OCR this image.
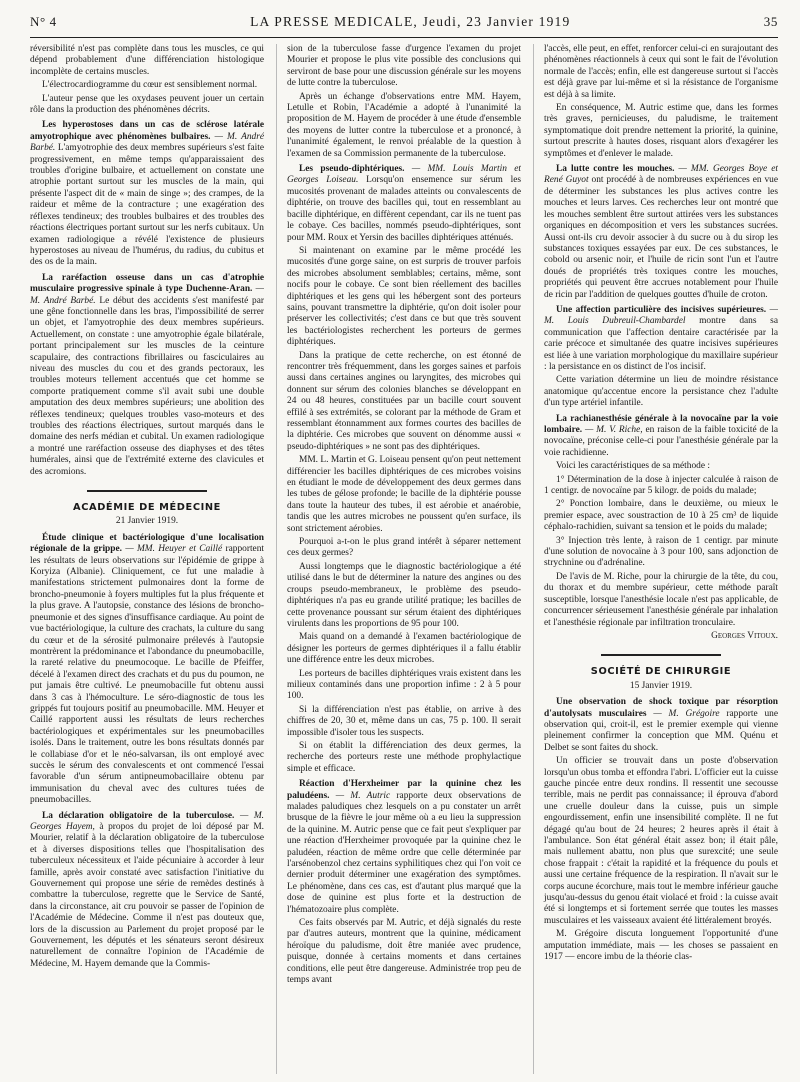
N° 4	LA PRESSE MEDICALE, Jeudi, 23 Janvier 1919	35

réversibilité n'est pas complète dans tous les muscles, ce qui dépend probablement d'une différenciation histologique incomplète de certains muscles.

L'électrocardiogramme du cœur est sensiblement normal.

L'auteur pense que les oxydases peuvent jouer un certain rôle dans la production des phénomènes décrits.

Les hyperostoses dans un cas de sclérose latérale amyotrophique avec phénomènes bulbaires. — M. André Barbé. L'amyotrophie des deux membres supérieurs s'est faite progressivement, en même temps qu'apparaissaient des troubles d'origine bulbaire, et actuellement on constate une atrophie portant surtout sur les muscles de la main, qui présente l'aspect dit de « main de singe »; des crampes, de la raideur et même de la contracture ; une exagération des réflexes tendineux; des troubles bulbaires et des troubles des réactions électriques portant surtout sur les nerfs cubitaux. Un examen radiologique a révélé l'existence de plusieurs hyperostoses au niveau de l'humérus, du radius, du cubitus et des os de la main.

La raréfaction osseuse dans un cas d'atrophie musculaire progressive spinale à type Duchenne-Aran. — M. André Barbé. Le début des accidents s'est manifesté par une gêne fonctionnelle dans les bras, l'impossibilité de serrer un objet, et l'amyotrophie des deux membres supérieurs. Actuellement, on constate : une amyotrophie égale bilatérale, portant principalement sur les muscles de la ceinture scapulaire, des contractions fibrillaires ou fasciculaires au niveau des muscles du cou et des grands pectoraux, les troubles moteurs tellement accentués que cet homme se comporte pratiquement comme s'il avait subi une double amputation des deux membres supérieurs; une abolition des réflexes tendineux; quelques troubles vaso-moteurs et des troubles des réactions électriques, surtout marqués dans le domaine des nerfs médian et cubital. Un examen radiologique a montré une raréfaction osseuse des diaphyses et des têtes humérales, ainsi que de l'extrémité externe des clavicules et des acromions.

ACADÉMIE DE MÉDECINE
21 Janvier 1919.

Étude clinique et bactériologique d'une localisation régionale de la grippe. — MM. Heuyer et Caillé rapportent les résultats de leurs observations sur l'épidémie de grippe à Koryiza (Albanie). Cliniquement, ce fut une maladie à manifestations strictement pulmonaires dont la forme de broncho-pneumonie à foyers multiples fut la plus fréquente et la plus grave. A l'autopsie, constance des lésions de broncho-pneumonie et des signes d'insuffisance cardiaque. Au point de vue bactériologique, la culture des crachats, la culture du sang du cœur et de la sérosité pulmonaire prélevés à l'autopsie montrèrent la prédominance et l'abondance du pneumobacille, la rareté relative du pneumocoque. Le bacille de Pfeiffer, décelé à l'examen direct des crachats et du pus du poumon, ne put jamais être cultivé. Le pneumobacille fut obtenu aussi dans 3 cas à l'hémoculture. Le séro-diagnostic de tous les grippés fut toujours positif au pneumobacille. MM. Heuyer et Caillé rapportent aussi les résultats de leurs recherches bactériologiques et expérimentales sur les pneumobacilles isolés. Dans le traitement, outre les bons résultats donnés par le collabiase d'or et le néo-salvarsan, ils ont employé avec succès le sérum des convalescents et ont commencé l'essai favorable d'un sérum antipneumobacillaire obtenu par immunisation du cheval avec des cultures tuées de pneumobacilles.

La déclaration obligatoire de la tuberculose. — M. Georges Hayem, à propos du projet de loi déposé par M. Mourier, relatif à la déclaration obligatoire de la tuberculose et à diverses dispositions telles que l'hospitalisation des tuberculeux nécessiteux et l'aide pécuniaire à accorder à leur famille, après avoir constaté avec satisfaction l'initiative du Gouvernement qui propose une série de remèdes destinés à combattre la tuberculose, regrette que le Service de Santé, dans la circonstance, ait cru pouvoir se passer de l'opinion de l'Académie de Médecine. Comme il n'est pas douteux que, lors de la discussion au Parlement du projet proposé par le Gouvernement, les députés et les sénateurs seront désireux naturellement de connaître l'opinion de l'Académie de Médecine, M. Hayem demande que la Commis-

sion de la tuberculose fasse d'urgence l'examen du projet Mourier et propose le plus vite possible des conclusions qui serviront de base pour une discussion générale sur les moyens de lutte contre la tuberculose.

Après un échange d'observations entre MM. Hayem, Letulle et Robin, l'Académie a adopté à l'unanimité la proposition de M. Hayem de procéder à une étude d'ensemble des moyens de lutter contre la tuberculose et a prononcé, à l'unanimité également, le renvoi préalable de la question à l'examen de sa Commission permanente de la tuberculose.

Les pseudo-diphtériques. — MM. Louis Martin et Georges Loiseau. Lorsqu'on ensemence sur sérum les mucosités provenant de malades atteints ou convalescents de diphtérie, on trouve des bacilles qui, tout en ressemblant au bacille diphtérique, en diffèrent cependant, car ils ne tuent pas le cobaye. Ces bacilles, nommés pseudo-diphtériques, sont pour MM. Roux et Yersin des bacilles diphtériques atténués.

Si maintenant on examine par le même procédé les mucosités d'une gorge saine, on est surpris de trouver parfois des microbes absolument semblables; certains, même, sont nocifs pour le cobaye. Ce sont bien réellement des bacilles diphtériques et les gens qui les hébergent sont des porteurs sains, pouvant transmettre la diphtérie, qu'on doit isoler pour préserver les collectivités; c'est dans ce but que très souvent les bactériologistes recherchent les porteurs de germes diphtériques.

Dans la pratique de cette recherche, on est étonné de rencontrer très fréquemment, dans les gorges saines et parfois aussi dans certaines angines ou laryngites, des microbes qui donnent sur sérum des colonies blanches se développant en 24 ou 48 heures, constituées par un bacille court souvent effilé à ses extrémités, se colorant par la méthode de Gram et ressemblant étonnamment aux formes courtes des bacilles de la diphtérie. Ces microbes que souvent on dénomme aussi « pseudo-diphtériques » ne sont pas des diphtériques.

MM. L. Martin et G. Loiseau pensent qu'on peut nettement différencier les bacilles diphtériques de ces microbes voisins en étudiant le mode de développement des deux germes dans les tubes de gélose profonde; le bacille de la diphtérie pousse dans toute la hauteur des tubes, il est aérobie et anaérobie, tandis que les autres microbes ne poussent qu'en surface, ils sont strictement aérobies.

Pourquoi a-t-on le plus grand intérêt à séparer nettement ces deux germes?

Aussi longtemps que le diagnostic bactériologique a été utilisé dans le but de déterminer la nature des angines ou des croups pseudo-membraneux, le problème des pseudo-diphtériques n'a pas eu grande utilité pratique; les bacilles de cette provenance poussant sur sérum étaient des diphtériques virulents dans les proportions de 95 pour 100.

Mais quand on a demandé à l'examen bactériologique de désigner les porteurs de germes diphtériques il a fallu établir une différence entre les deux microbes.

Les porteurs de bacilles diphtériques vrais existent dans les milieux contaminés dans une proportion infime : 2 à 5 pour 100.

Si la différenciation n'est pas établie, on arrive à des chiffres de 20, 30 et, même dans un cas, 75 p. 100. Il serait impossible d'isoler tous les suspects.

Si on établit la différenciation des deux germes, la recherche des porteurs reste une méthode prophylactique simple et efficace.

Réaction d'Herxheimer par la quinine chez les paludéens. — M. Autric rapporte deux observations de malades paludiques chez lesquels on a pu constater un arrêt brusque de la fièvre le jour même où a eu lieu la suppression de la quinine. M. Autric pense que ce fait peut s'expliquer par une réaction d'Herxheimer provoquée par la quinine chez le paludéen, réaction de même ordre que celle déterminée par l'arsénobenzol chez certains syphilitiques chez qui l'on voit ce dernier produit déterminer une exagération des symptômes. Le phénomène, dans ces cas, est d'autant plus marqué que la dose de quinine est plus forte et la destruction de l'hématozoaire plus complète.

Ces faits observés par M. Autric, et déjà signalés du reste par d'autres auteurs, montrent que la quinine, médicament héroïque du paludisme, doit être maniée avec prudence, puisque, donnée à certains moments et dans certaines conditions, elle peut être dangereuse. Administrée trop peu de temps avant

l'accès, elle peut, en effet, renforcer celui-ci en surajoutant des phénomènes réactionnels à ceux qui sont le fait de l'évolution normale de l'accès; enfin, elle est dangereuse surtout si l'accès est déjà grave par lui-même et si la résistance de l'organisme est déjà à sa limite.

En conséquence, M. Autric estime que, dans les formes très graves, pernicieuses, du paludisme, le traitement symptomatique doit prendre nettement la priorité, la quinine, surtout prescrite à hautes doses, risquant alors d'exagérer les symptômes et d'enlever le malade.

La lutte contre les mouches. — MM. Georges Boye et René Guyot ont procédé à de nombreuses expériences en vue de déterminer les substances les plus actives contre les mouches et leurs larves. Ces recherches leur ont montré que les mouches semblent être surtout attirées vers les substances organiques en décomposition et vers les substances sucrées. Aussi ont-ils cru devoir associer à du sucre ou à du sirop les substances toxiques essayées par eux. De ces substances, le cobold ou arsenic noir, et l'huile de ricin sont l'un et l'autre doués de propriétés très toxiques contre les mouches, propriétés qui peuvent être accrues notablement pour l'huile de ricin par l'addition de quelques gouttes d'huile de croton.

Une affection particulière des incisives supérieures. — M. Louis Dubreuil-Chambardel montre dans sa communication que l'affection dentaire caractérisée par la carie précoce et simultanée des quatre incisives supérieures est liée à une variation morphologique du maxillaire supérieur : la persistance en os distinct de l'os incisif.

Cette variation détermine un lieu de moindre résistance anatomique qu'accentue encore la persistance chez l'adulte d'un type artériel infantile.

La rachianesthésie générale à la novocaïne par la voie lombaire. — M. V. Riche, en raison de la faible toxicité de la novocaïne, préconise celle-ci pour l'anesthésie générale par la voie rachidienne.

Voici les caractéristiques de sa méthode :

1° Détermination de la dose à injecter calculée à raison de 1 centigr. de novocaïne par 5 kilogr. de poids du malade;

2° Ponction lombaire, dans le deuxième, ou mieux le premier espace, avec soustraction de 10 à 25 cm³ de liquide céphalo-rachidien, suivant sa tension et le poids du malade;

3° Injection très lente, à raison de 1 centigr. par minute d'une solution de novocaïne à 3 pour 100, sans adjonction de strychnine ou d'adrénaline.

De l'avis de M. Riche, pour la chirurgie de la tête, du cou, du thorax et du membre supérieur, cette méthode paraît susceptible, lorsque l'anesthésie locale n'est pas applicable, de concurrencer sérieusement l'anesthésie générale par inhalation et l'anesthésie régionale par infiltration tronculaire.

Georges Vitoux.
SOCIÉTÉ DE CHIRURGIE
15 Janvier 1919.

Une observation de shock toxique par résorption d'autolysats musculaires — M. Grégoire rapporte une observation qui, croit-il, est le premier exemple qui vienne pleinement confirmer la conception que MM. Quénu et Delbet se sont faites du shock.

Un officier se trouvait dans un poste d'observation lorsqu'un obus tomba et effondra l'abri. L'officier eut la cuisse gauche pincée entre deux rondins. Il ressentit une secousse terrible, mais ne perdit pas connaissance; il éprouva d'abord une cruelle douleur dans la cuisse, puis un simple engourdissement, enfin une insensibilité complète. Il ne fut dégagé qu'au bout de 24 heures; 2 heures après il était à l'ambulance. Son état général était assez bon; il était pâle, mais nullement abattu, non plus que surexcité; une seule chose frappait : c'était la rapidité et la fréquence du pouls et aussi une certaine fréquence de la respiration. Il n'avait sur le corps aucune écorchure, mais tout le membre inférieur gauche jusqu'au-dessus du genou était violacé et froid : la cuisse avait été si longtemps et si fortement serrée que toutes les masses musculaires et les vaisseaux avaient été littéralement broyés.

M. Grégoire discuta longuement l'opportunité d'une amputation immédiate, mais — les choses se passaient en 1917 — encore imbu de la théorie clas-
